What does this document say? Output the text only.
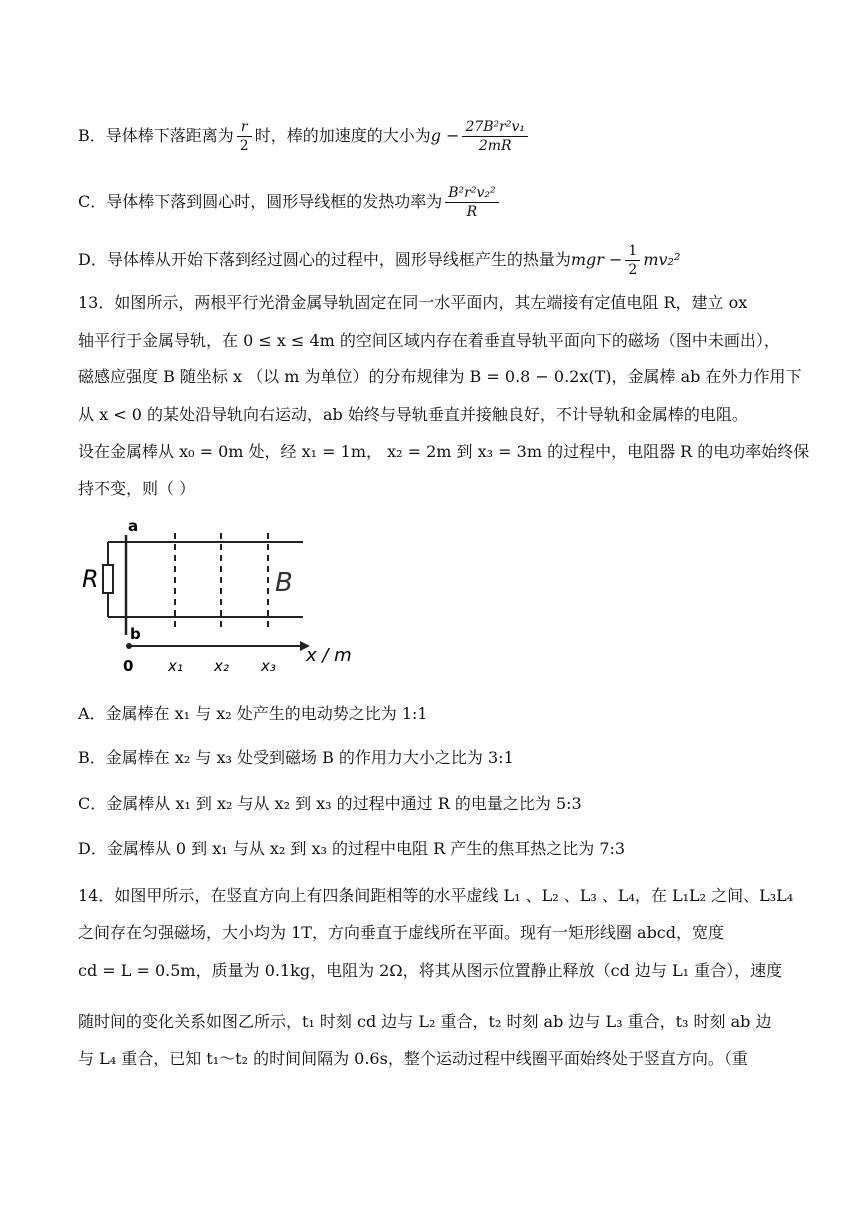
B．导体棒下落距离为 $\frac{r}{2}$ 时，棒的加速度的大小为$g - \frac{\text{27B²r²v₁}}{2mR}$
C．导体棒下落到圆心时，圆形导线框的发热功率为 $\frac{\text{B²r²v₂²}}{R}$
D．导体棒从开始下落到经过圆心的过程中，圆形导线框产生的热量为mgr − $\frac{1}{2} mv_2^2$
13．如图所示，两根平行光滑金属导轨固定在同一水平面内，其左端接有定值电阻 R，建立 ox
轴平行于金属导轨，在 0 ≤ x ≤ 4m 的空间区域内存在着垂直导轨平面向下的磁场（图中未画出），
磁感应强度 B 随坐标 x （以 m 为单位）的分布规律为 B = 0.8 − 0.2x(T)，金属棒 ab 在外力作用下
从 x < 0 的某处沿导轨向右运动，ab 始终与导轨垂直并接触良好，不计导轨和金属棒的电阻。
设在金属棒从 x₀ = 0m 处，经 x₁ = 1m， x₂ = 2m 到 x₃ = 3m 的过程中，电阻器 R 的电功率始终保
持不变，则（ ）
a
b
R	B
0 x₁ x₂ x₃ x / m
A．金属棒在 x₁ 与 x₂ 处产生的电动势之比为 1:1
B．金属棒在 x₂ 与 x₃ 处受到磁场 B 的作用力大小之比为 3:1
C．金属棒从 x₁ 到 x₂ 与从 x₂ 到 x₃ 的过程中通过 R 的电量之比为 5:3
D．金属棒从 0 到 x₁ 与从 x₂ 到 x₃ 的过程中电阻 R 产生的焦耳热之比为 7:3
14．如图甲所示，在竖直方向上有四条间距相等的水平虚线 L₁ 、L₂ 、L₃ 、L₄，在 L₁L₂ 之间、L₃L₄
之间存在匀强磁场，大小均为 1T，方向垂直于虚线所在平面。现有一矩形线圈 abcd，宽度
cd = L = 0.5m，质量为 0.1kg，电阻为 2Ω，将其从图示位置静止释放（cd 边与 L₁ 重合），速度
随时间的变化关系如图乙所示，t₁ 时刻 cd 边与 L₂ 重合，t₂ 时刻 ab 边与 L₃ 重合，t₃ 时刻 ab 边
与 L₄ 重合，已知 t₁～t₂ 的时间间隔为 0.6s，整个运动过程中线圈平面始终处于竖直方向。（重
